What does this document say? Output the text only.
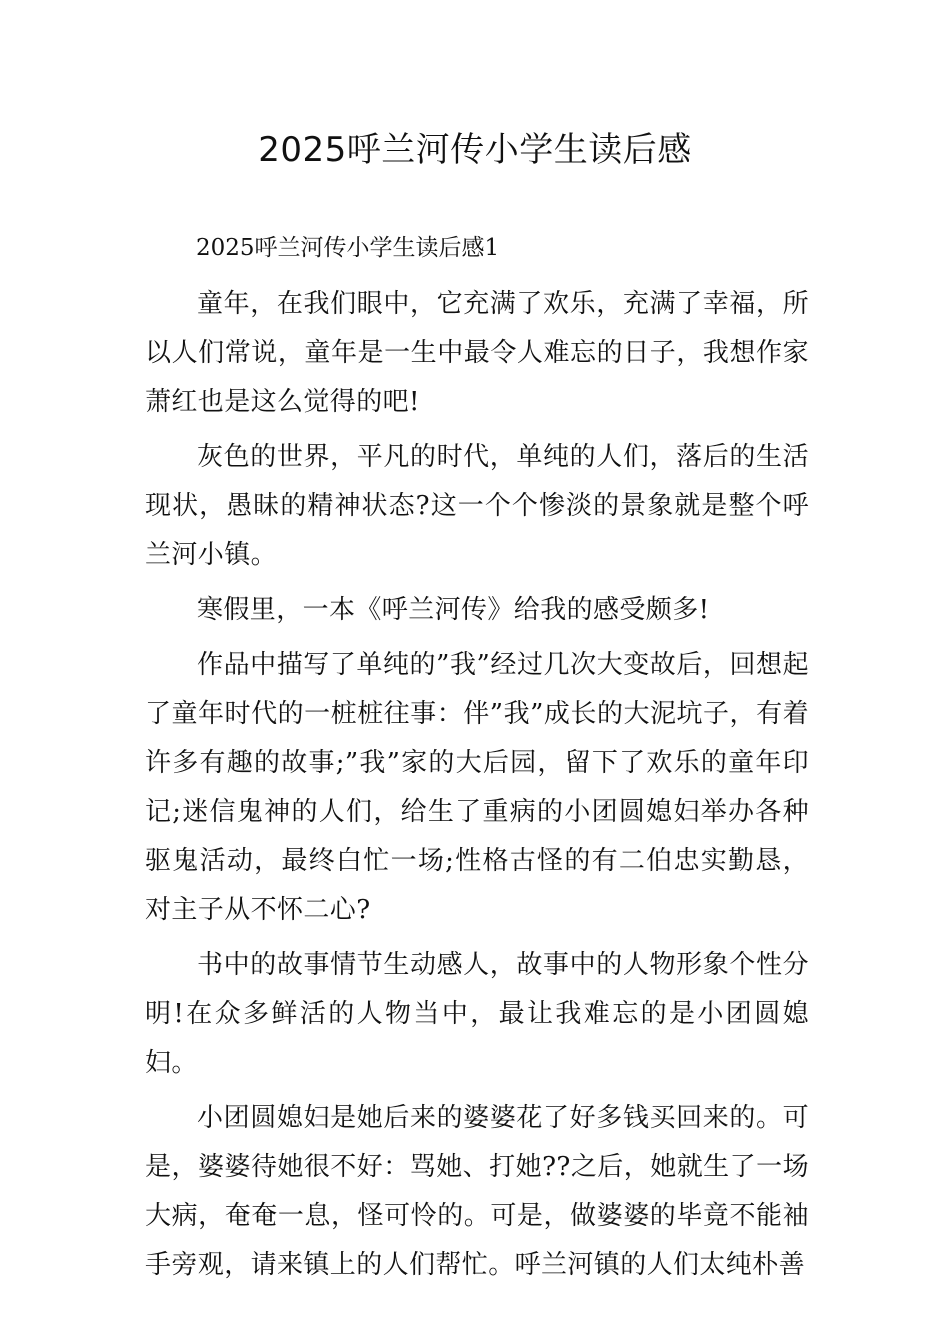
2025呼兰河传小学生读后感
2025呼兰河传小学生读后感1

童年，在我们眼中，它充满了欢乐，充满了幸福，所以人们常说，童年是一生中最令人难忘的日子，我想作家萧红也是这么觉得的吧!

灰色的世界，平凡的时代，单纯的人们，落后的生活现状，愚昧的精神状态?这一个个惨淡的景象就是整个呼兰河小镇。

寒假里，一本《呼兰河传》给我的感受颇多!

作品中描写了单纯的”我”经过几次大变故后，回想起了童年时代的一桩桩往事：伴”我”成长的大泥坑子，有着许多有趣的故事;”我”家的大后园，留下了欢乐的童年印记;迷信鬼神的人们，给生了重病的小团圆媳妇举办各种驱鬼活动，最终白忙一场;性格古怪的有二伯忠实勤恳，对主子从不怀二心?

书中的故事情节生动感人，故事中的人物形象个性分明!在众多鲜活的人物当中，最让我难忘的是小团圆媳妇。

小团圆媳妇是她后来的婆婆花了好多钱买回来的。可是，婆婆待她很不好：骂她、打她??之后，她就生了一场大病，奄奄一息，怪可怜的。可是，做婆婆的毕竟不能袖手旁观，请来镇上的人们帮忙。呼兰河镇的人们太纯朴善
